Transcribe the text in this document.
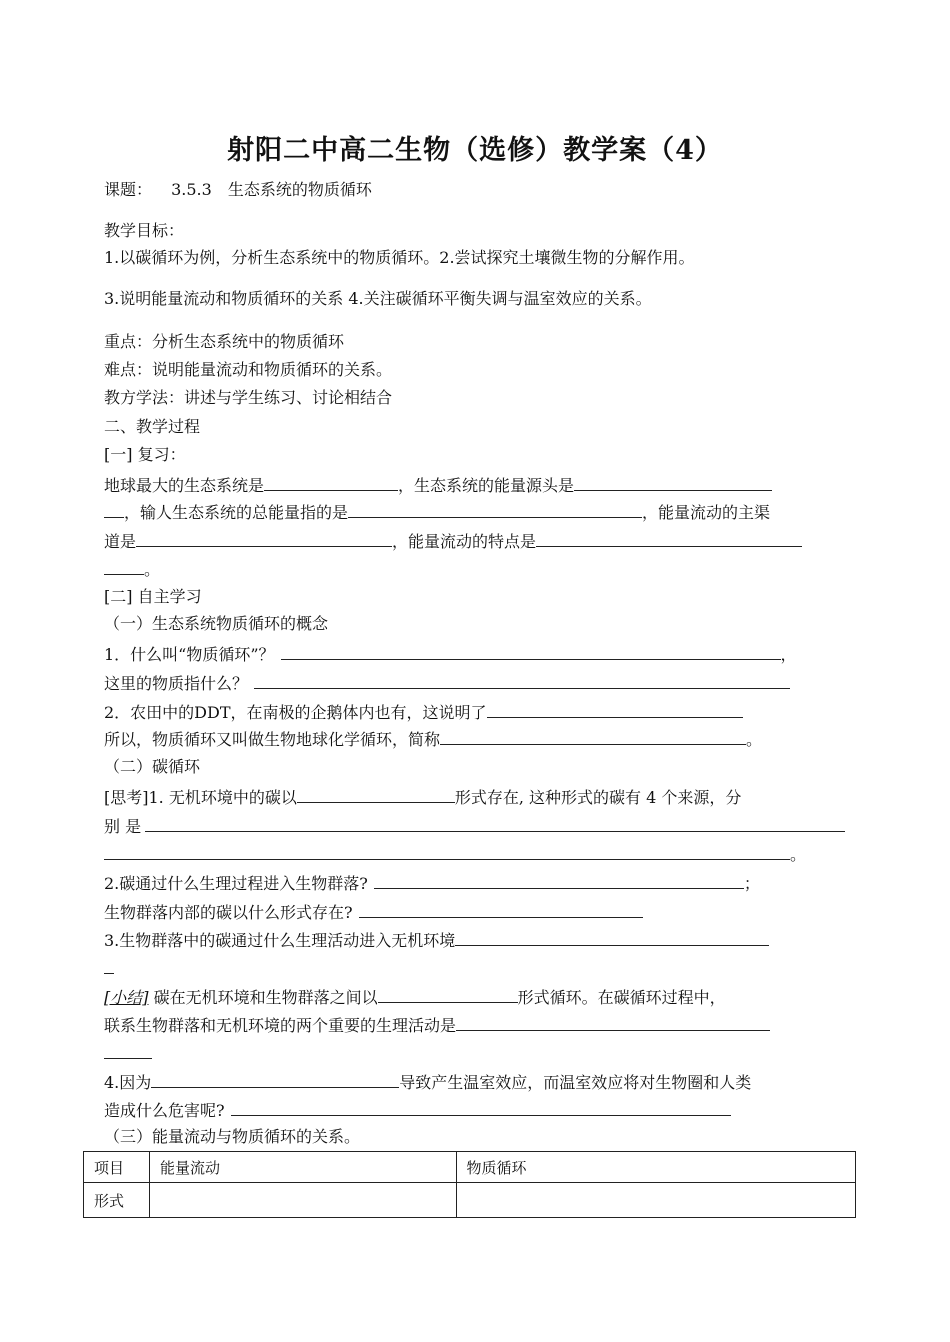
射阳二中高二生物（选修）教学案（4）
课题： 3.5.3　生态系统的物质循环
教学目标：
1.以碳循环为例，分析生态系统中的物质循环。2.尝试探究土壤微生物的分解作用。
3.说明能量流动和物质循环的关系 4.关注碳循环平衡失调与温室效应的关系。
重点：分析生态系统中的物质循环
难点：说明能量流动和物质循环的关系。
教方学法：讲述与学生练习、讨论相结合
二、教学过程
[一] 复习：
地球最大的生态系统是	，生态系统的能量源头是
，输人生态系统的总能量指的是	，能量流动的主渠
道是	，能量流动的特点是
。
[二] 自主学习
（一）生态系统物质循环的概念
1．什么叫“物质循环”？	，
这里的物质指什么？
2．农田中的DDT，在南极的企鹅体内也有，这说明了
所以，物质循环又叫做生物地球化学循环，简称	。
（二）碳循环
[思考]1. 无机环境中的碳以	形式存在, 这种形式的碳有 4 个来源，分
别 是
。
2.碳通过什么生理过程进入生物群落?	；
生物群落内部的碳以什么形式存在?
3.生物群落中的碳通过什么生理活动进入无机环境
[小结] 碳在无机环境和生物群落之间以	形式循环。在碳循环过程中，
联系生物群落和无机环境的两个重要的生理活动是
4.因为	导致产生温室效应，而温室效应将对生物圈和人类
造成什么危害呢?
（三）能量流动与物质循环的关系。
项目	能量流动	物质循环
形式		
